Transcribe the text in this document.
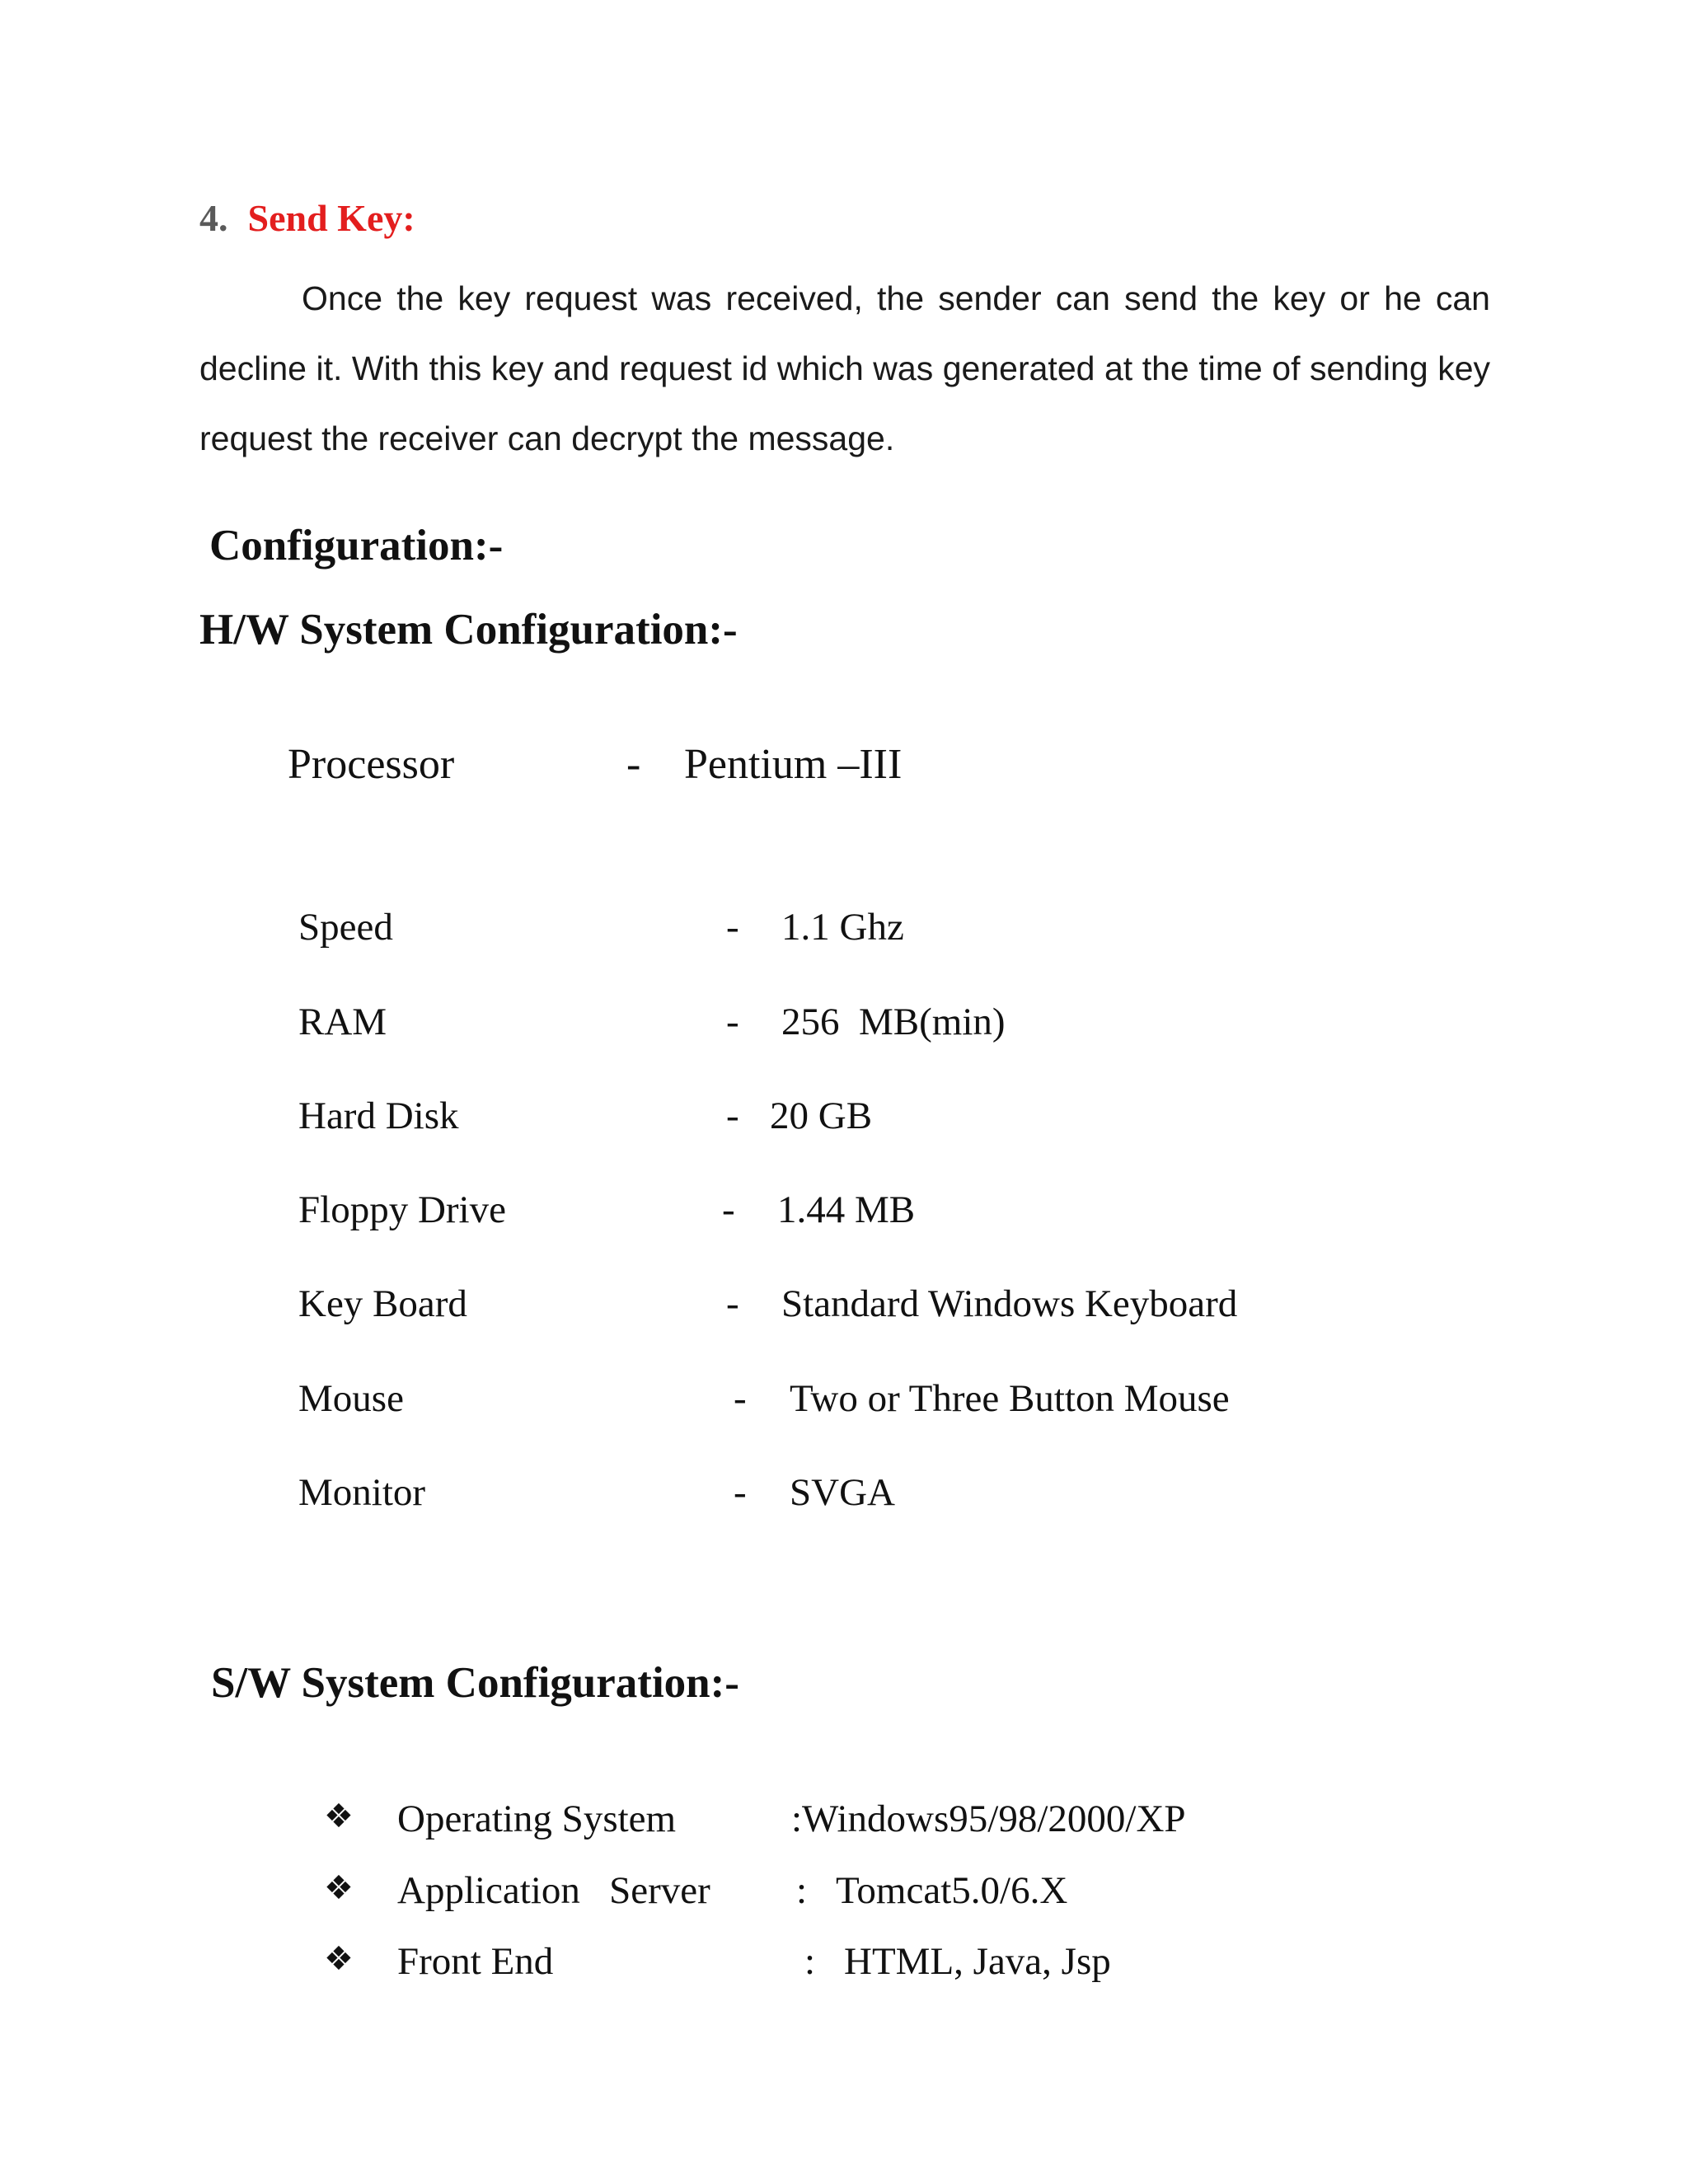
4. Send Key:
Once the key request was received, the sender can send the key or he can decline it. With this key and request id which was generated at the time of sending key request the receiver can decrypt the message.
Configuration:-
H/W System Configuration:-
Processor	- Pentium –III
Speed	- 1.1 Ghz
RAM	- 256  MB(min)
Hard Disk	- 20 GB
Floppy Drive	- 1.44 MB
Key Board	- Standard Windows Keyboard
Mouse	- Two or Three Button Mouse
Monitor	- SVGA
S/W System Configuration:-
❖ Operating System	: Windows95/98/2000/XP
❖ Application   Server : Tomcat5.0/6.X
❖ Front End	: HTML, Java, Jsp
